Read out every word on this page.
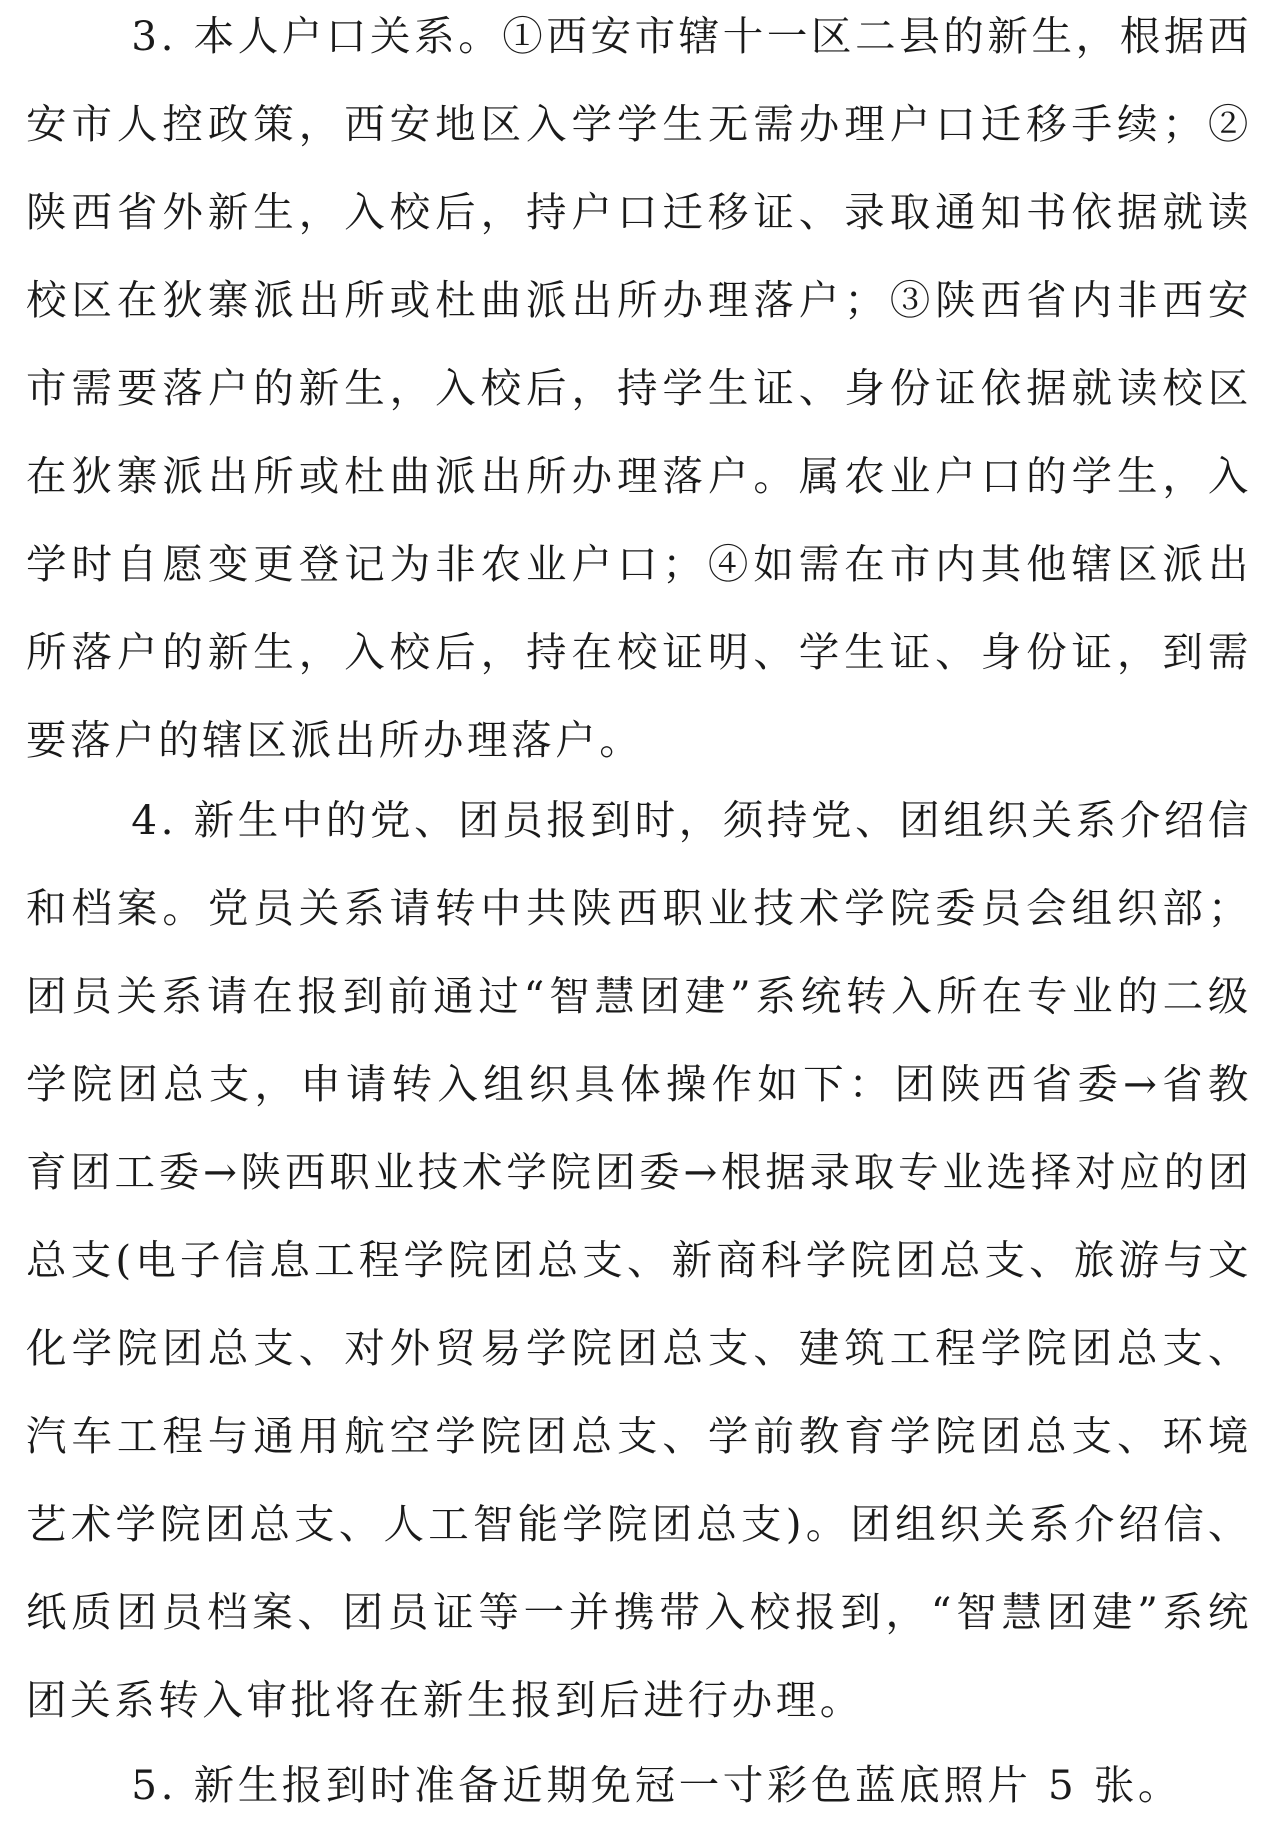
3. 本人户口关系。①西安市辖十一区二县的新生，根据西安市人控政策，西安地区入学学生无需办理户口迁移手续；②陕西省外新生，入校后，持户口迁移证、录取通知书依据就读校区在狄寨派出所或杜曲派出所办理落户；③陕西省内非西安市需要落户的新生，入校后，持学生证、身份证依据就读校区在狄寨派出所或杜曲派出所办理落户。属农业户口的学生，入学时自愿变更登记为非农业户口；④如需在市内其他辖区派出所落户的新生，入校后，持在校证明、学生证、身份证，到需要落户的辖区派出所办理落户。

4. 新生中的党、团员报到时，须持党、团组织关系介绍信和档案。党员关系请转中共陕西职业技术学院委员会组织部；团员关系请在报到前通过“智慧团建”系统转入所在专业的二级学院团总支，申请转入组织具体操作如下：团陕西省委→省教育团工委→陕西职业技术学院团委→根据录取专业选择对应的团总支(电子信息工程学院团总支、新商科学院团总支、旅游与文化学院团总支、对外贸易学院团总支、建筑工程学院团总支、汽车工程与通用航空学院团总支、学前教育学院团总支、环境艺术学院团总支、人工智能学院团总支)。团组织关系介绍信、纸质团员档案、团员证等一并携带入校报到，“智慧团建”系统团关系转入审批将在新生报到后进行办理。

5. 新生报到时准备近期免冠一寸彩色蓝底照片 5 张。
